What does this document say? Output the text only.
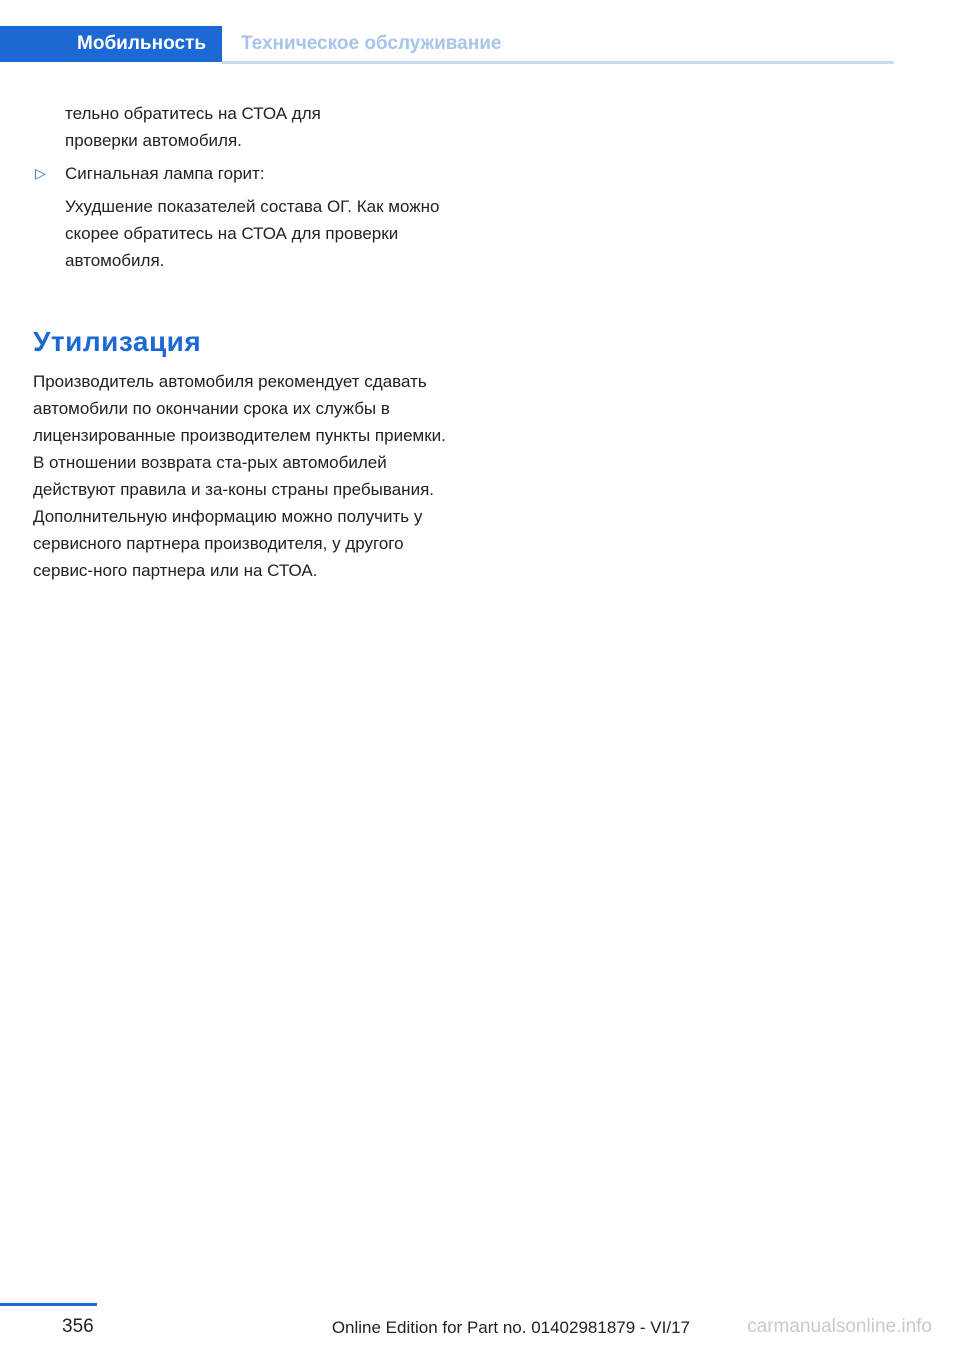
Мобильность Техническое обслуживание
тельно обратитесь на СТОА для
проверки автомобиля.
▷ Сигнальная лампа горит:
Ухудшение показателей состава ОГ. Как можно скорее обратитесь на СТОА для проверки автомобиля.
Утилизация
Производитель автомобиля рекомендует сдавать автомобили по окончании срока их службы в лицензированные производителем пункты приемки. В отношении возврата ста-рых автомобилей действуют правила и за-коны страны пребывания. Дополнительную информацию можно получить у сервисного партнера производителя, у другого сервис-ного партнера или на СТОА.
356	Online Edition for Part no. 01402981879 - VI/17	carmanualsonline.info
